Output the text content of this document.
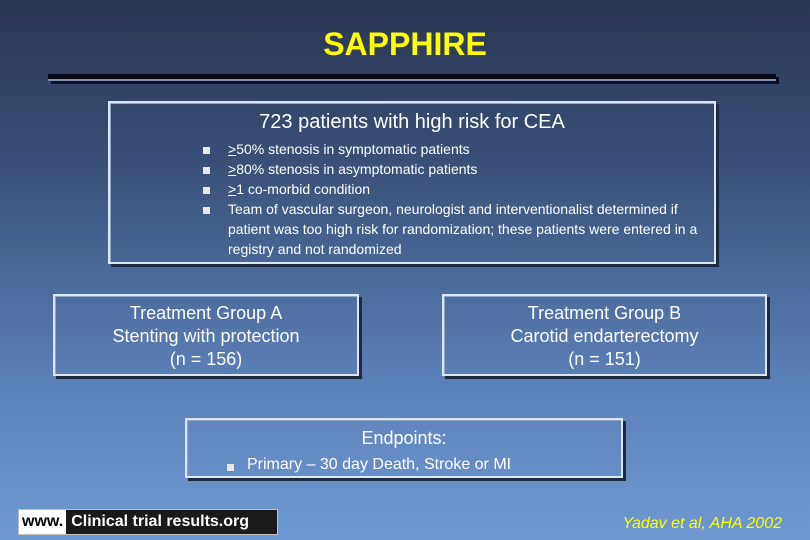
SAPPHIRE
723 patients with high risk for CEA
>50% stenosis in symptomatic patients
>80% stenosis in asymptomatic patients
>1 co-morbid condition
Team of vascular surgeon, neurologist and interventionalist determined if patient was too high risk for randomization; these patients were entered in a registry and not randomized
Treatment Group A
Stenting with protection
(n = 156)
Treatment Group B
Carotid endarterectomy
(n = 151)
Endpoints:
Primary – 30 day Death, Stroke or MI
www. Clinical trial results.org	Yadav et al, AHA 2002
